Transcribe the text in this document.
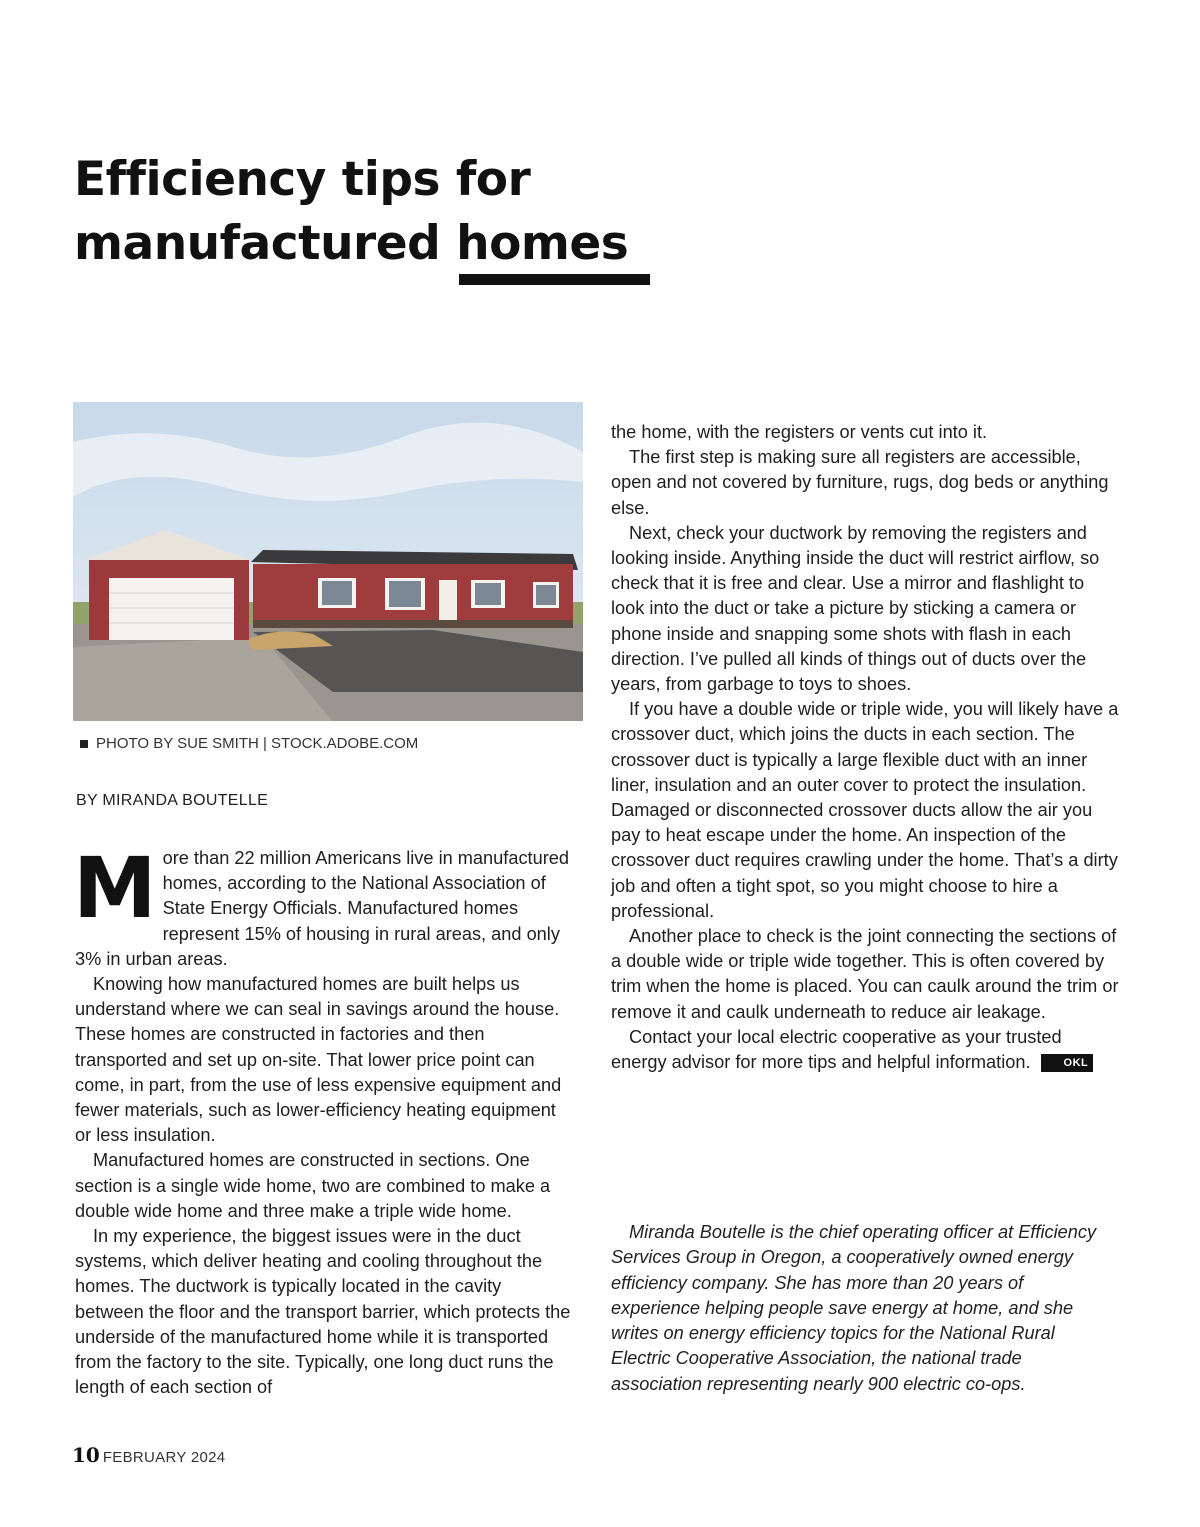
Efficiency tips for
manufactured homes
PHOTO BY SUE SMITH | STOCK.ADOBE.COM
BY MIRANDA BOUTELLE

More than 22 million Americans live in manufactured homes, according to the National Association of State Energy Officials. Manufactured homes represent 15% of housing in rural areas, and only 3% in urban areas.

Knowing how manufactured homes are built helps us understand where we can seal in savings around the house. These homes are constructed in factories and then transported and set up on-site. That lower price point can come, in part, from the use of less expensive equipment and fewer materials, such as lower-efficiency heating equipment or less insulation.

Manufactured homes are constructed in sections. One section is a single wide home, two are combined to make a double wide home and three make a triple wide home.

In my experience, the biggest issues were in the duct systems, which deliver heating and cooling throughout the homes. The ductwork is typically located in the cavity between the floor and the transport barrier, which protects the underside of the manufactured home while it is transported from the factory to the site. Typically, one long duct runs the length of each section of

the home, with the registers or vents cut into it.

The first step is making sure all registers are accessible, open and not covered by furniture, rugs, dog beds or anything else.

Next, check your ductwork by removing the registers and looking inside. Anything inside the duct will restrict airflow, so check that it is free and clear. Use a mirror and flashlight to look into the duct or take a picture by sticking a camera or phone inside and snapping some shots with flash in each direction. I’ve pulled all kinds of things out of ducts over the years, from garbage to toys to shoes.

If you have a double wide or triple wide, you will likely have a crossover duct, which joins the ducts in each section. The crossover duct is typically a large flexible duct with an inner liner, insulation and an outer cover to protect the insulation. Damaged or disconnected crossover ducts allow the air you pay to heat escape under the home. An inspection of the crossover duct requires crawling under the home. That’s a dirty job and often a tight spot, so you might choose to hire a professional.

Another place to check is the joint connecting the sections of a double wide or triple wide together. This is often covered by trim when the home is placed. You can caulk around the trim or remove it and caulk underneath to reduce air leakage.

Contact your local electric cooperative as your trusted energy advisor for more tips and helpful information.	OKL

Miranda Boutelle is the chief operating officer at Efficiency Services Group in Oregon, a cooperatively owned energy efficiency company. She has more than 20 years of experience helping people save energy at home, and she writes on energy efficiency topics for the National Rural Electric Cooperative Association, the national trade association representing nearly 900 electric co-ops.

10 FEBRUARY 2024
